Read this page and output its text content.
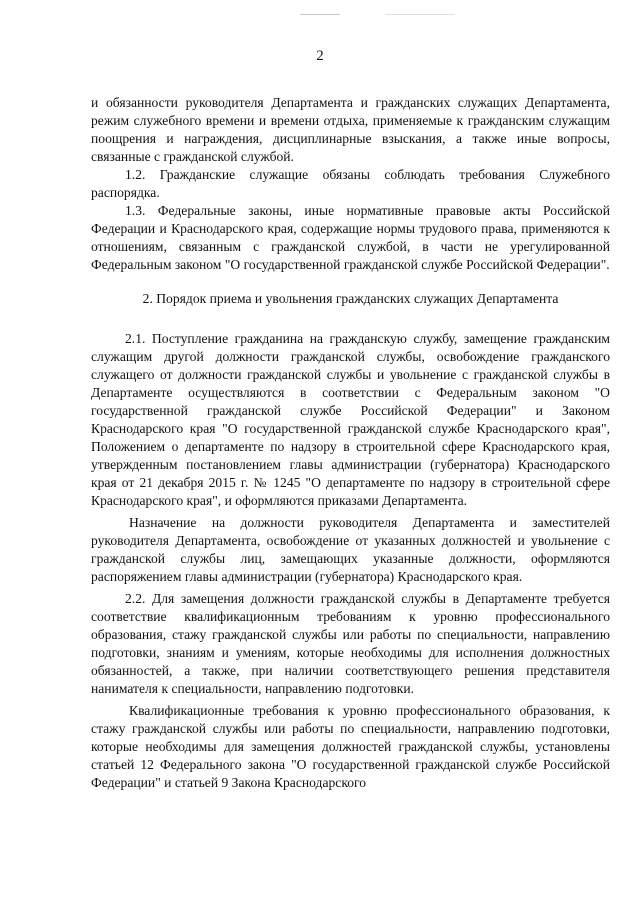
2

и обязанности руководителя Департамента и гражданских служащих Департамента, режим служебного времени и времени отдыха, применяемые к гражданским служащим поощрения и награждения, дисциплинарные взыскания, а также иные вопросы, связанные с гражданской службой.

1.2. Гражданские служащие обязаны соблюдать требования Служебного распорядка.

1.3. Федеральные законы, иные нормативные правовые акты Российской Федерации и Краснодарского края, содержащие нормы трудового права, применяются к отношениям, связанным с гражданской службой, в части не урегулированной Федеральным законом "О государственной гражданской службе Российской Федерации".

2. Порядок приема и увольнения гражданских служащих Департамента

2.1. Поступление гражданина на гражданскую службу, замещение гражданским служащим другой должности гражданской службы, освобождение гражданского служащего от должности гражданской службы и увольнение с гражданской службы в Департаменте осуществляются в соответствии с Федеральным законом "О государственной гражданской службе Российской Федерации" и Законом Краснодарского края "О государственной гражданской службе Краснодарского края", Положением о департаменте по надзору в строительной сфере Краснодарского края, утвержденным постановлением главы администрации (губернатора) Краснодарского края от 21 декабря 2015 г. № 1245 "О департаменте по надзору в строительной сфере Краснодарского края", и оформляются приказами Департамента.

Назначение на должности руководителя Департамента и заместителей руководителя Департамента, освобождение от указанных должностей и увольнение с гражданской службы лиц, замещающих указанные должности, оформляются распоряжением главы администрации (губернатора) Краснодарского края.

2.2. Для замещения должности гражданской службы в Департаменте требуется соответствие квалификационным требованиям к уровню профессионального образования, стажу гражданской службы или работы по специальности, направлению подготовки, знаниям и умениям, которые необходимы для исполнения должностных обязанностей, а также, при наличии соответствующего решения представителя нанимателя к специальности, направлению подготовки.

Квалификационные требования к уровню профессионального образования, к стажу гражданской службы или работы по специальности, направлению подготовки, которые необходимы для замещения должностей гражданской службы, установлены статьей 12 Федерального закона "О государственной гражданской службе Российской Федерации" и статьей 9 Закона Краснодарского
